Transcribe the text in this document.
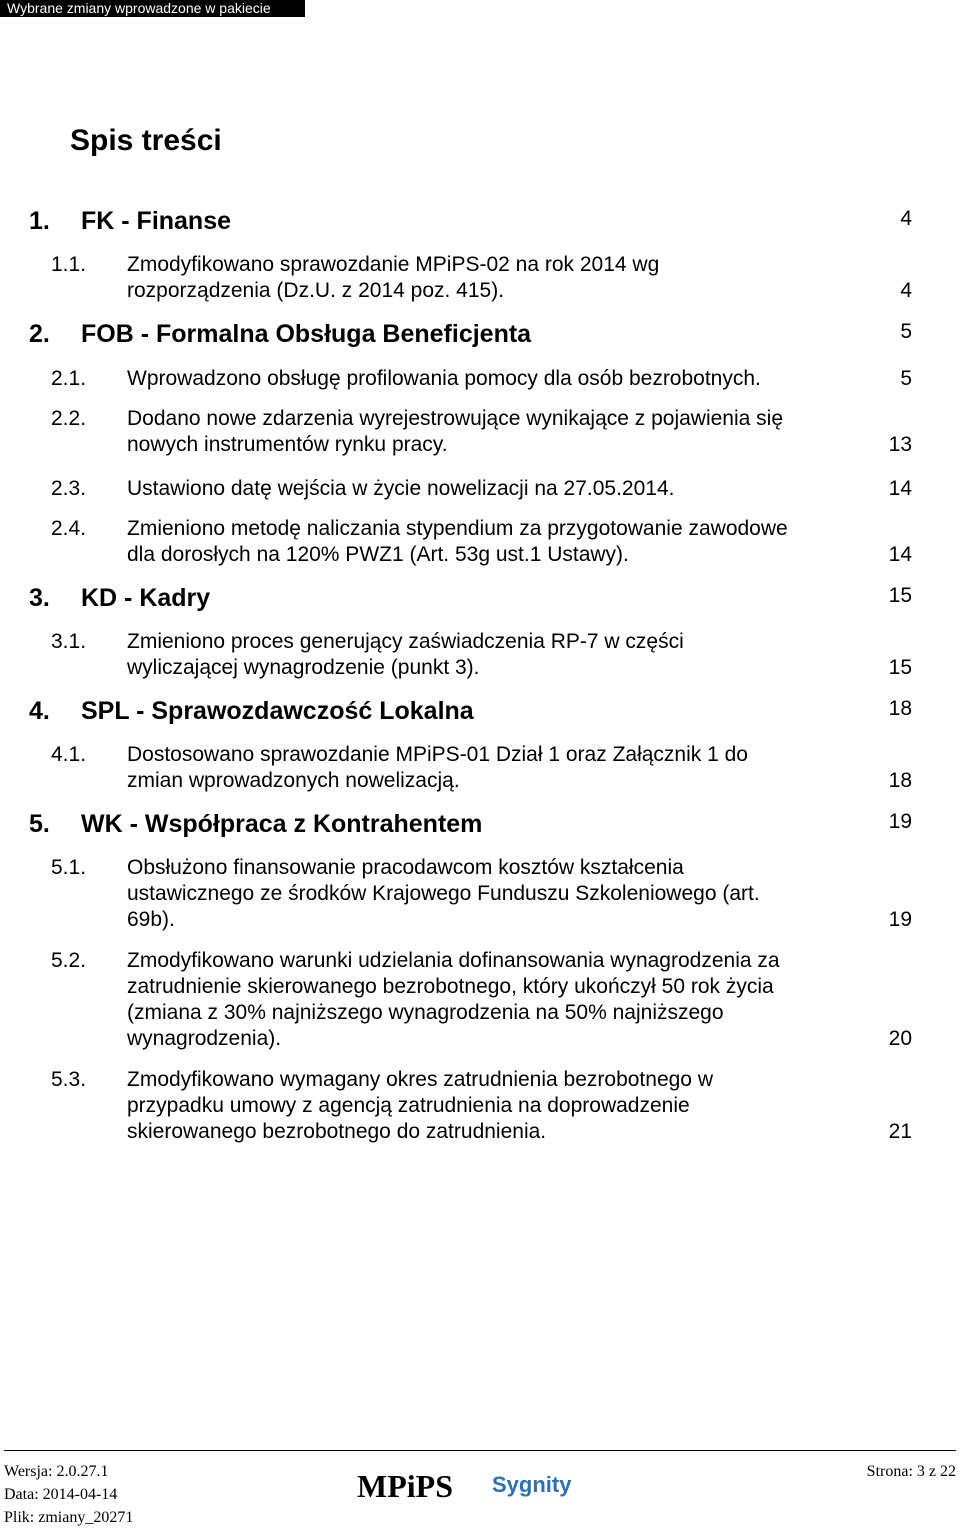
Wybrane zmiany wprowadzone w pakiecie
Spis treści
1. FK - Finanse	4
1.1. Zmodyfikowano sprawozdanie MPiPS-02 na rok 2014 wg
rozporządzenia (Dz.U. z 2014 poz. 415).	4
2. FOB - Formalna Obsługa Beneficjenta	5
2.1. Wprowadzono obsługę profilowania pomocy dla osób bezrobotnych.	5
2.2. Dodano nowe zdarzenia wyrejestrowujące wynikające z pojawienia się
nowych instrumentów rynku pracy.	13
2.3. Ustawiono datę wejścia w życie nowelizacji na 27.05.2014.	14
2.4. Zmieniono metodę naliczania stypendium za przygotowanie zawodowe
dla dorosłych na 120% PWZ1 (Art. 53g ust.1 Ustawy).	14
3. KD - Kadry	15
3.1. Zmieniono proces generujący zaświadczenia RP-7 w części
wyliczającej wynagrodzenie (punkt 3).	15
4. SPL - Sprawozdawczość Lokalna	18
4.1. Dostosowano sprawozdanie MPiPS-01 Dział 1 oraz Załącznik 1 do
zmian wprowadzonych nowelizacją.	18
5. WK - Współpraca z Kontrahentem	19
5.1. Obsłużono finansowanie pracodawcom kosztów kształcenia
ustawicznego ze środków Krajowego Funduszu Szkoleniowego (art.
69b).	19
5.2. Zmodyfikowano warunki udzielania dofinansowania wynagrodzenia za
zatrudnienie skierowanego bezrobotnego, który ukończył 50 rok życia
(zmiana z 30% najniższego wynagrodzenia na 50% najniższego
wynagrodzenia).	20
5.3. Zmodyfikowano wymagany okres zatrudnienia bezrobotnego w
przypadku umowy z agencją zatrudnienia na doprowadzenie
skierowanego bezrobotnego do zatrudnienia.	21
Wersja: 2.0.27.1
Data: 2014-04-14
Plik: zmiany_20271
MPiPS Sygnity
Strona: 3 z 22
